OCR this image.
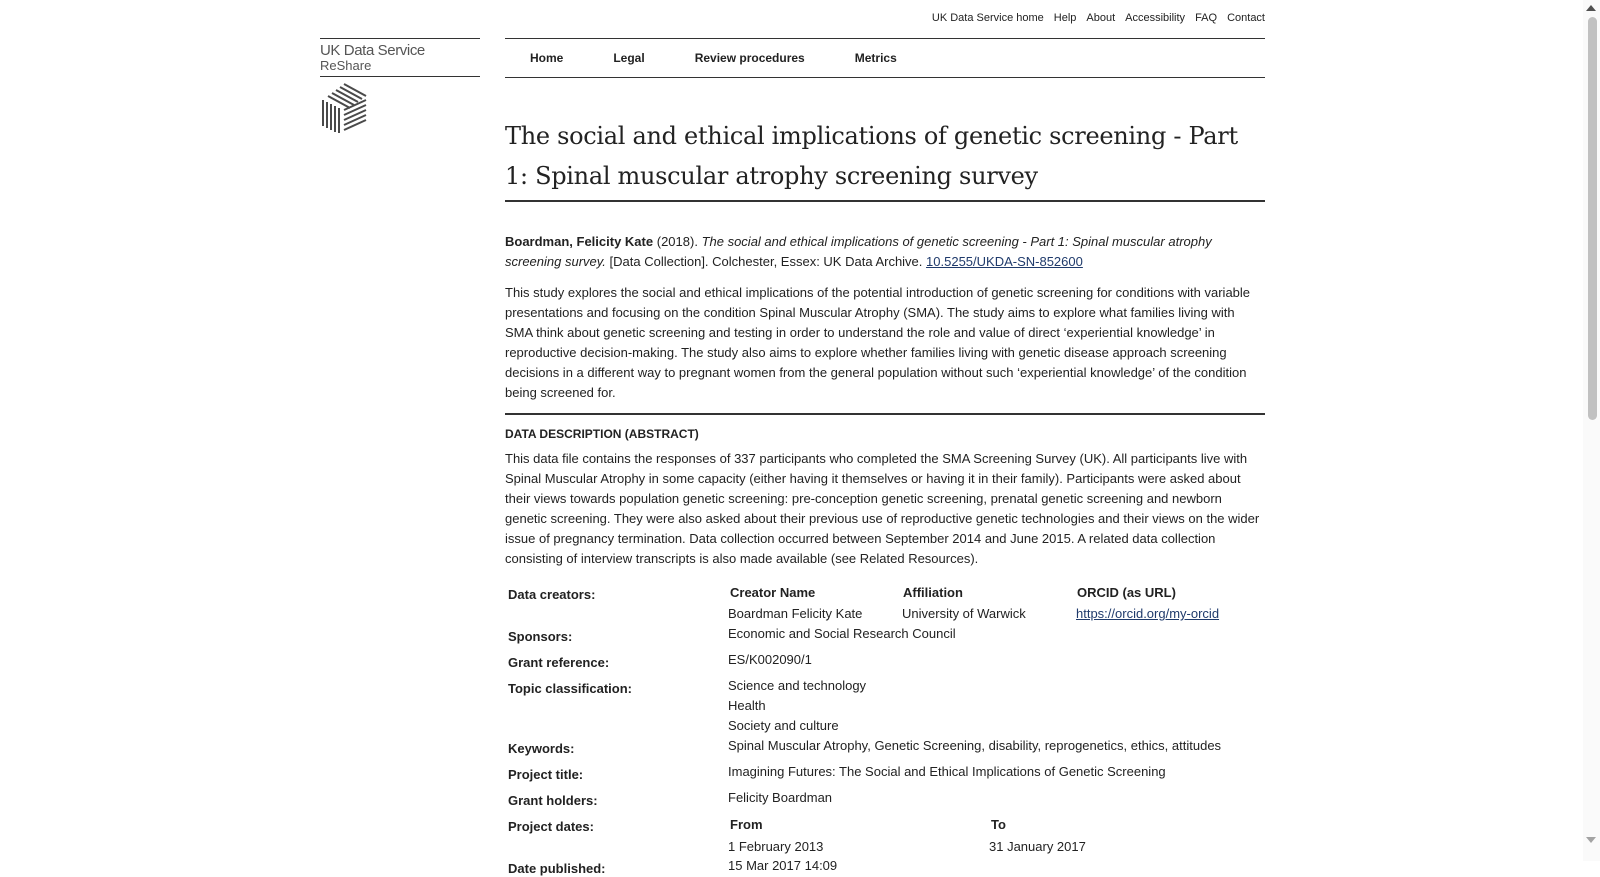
UK Data Service home Help About Accessibility FAQ Contact
UK Data Service
ReShare	Home	Legal	Review procedures	Metrics
The social and ethical implications of genetic screening - Part 1: Spinal muscular atrophy screening survey

Boardman, Felicity Kate (2018). The social and ethical implications of genetic screening - Part 1: Spinal muscular atrophy screening survey. [Data Collection]. Colchester, Essex: UK Data Archive. 10.5255/UKDA-SN-852600

This study explores the social and ethical implications of the potential introduction of genetic screening for conditions with variable presentations and focusing on the condition Spinal Muscular Atrophy (SMA). The study aims to explore what families living with SMA think about genetic screening and testing in order to understand the role and value of direct ‘experiential knowledge’ in reproductive decision-making. The study also aims to explore whether families living with genetic disease approach screening decisions in a different way to pregnant women from the general population without such ‘experiential knowledge’ of the condition being screened for.

DATA DESCRIPTION (ABSTRACT)

This data file contains the responses of 337 participants who completed the SMA Screening Survey (UK). All participants live with Spinal Muscular Atrophy in some capacity (either having it themselves or having it in their family). Participants were asked about their views towards population genetic screening: pre-conception genetic screening, prenatal genetic screening and newborn genetic screening. They were also asked about their previous use of reproductive genetic technologies and their views on the wider issue of pregnancy termination. Data collection occurred between September 2014 and June 2015. A related data collection consisting of interview transcripts is also made available (see Related Resources).

Data creators:	Creator Name	Affiliation	ORCID (as URL)
Boardman Felicity Kate	University of Warwick	https://orcid.org/my-orcid
Sponsors:	Economic and Social Research Council
Grant reference:	ES/K002090/1
Topic classification:	Science and technology
Health
Society and culture
Keywords:	Spinal Muscular Atrophy, Genetic Screening, disability, reprogenetics, ethics, attitudes
Project title:	Imagining Futures: The Social and Ethical Implications of Genetic Screening
Grant holders:	Felicity Boardman
Project dates:	From	To
1 February 2013	31 January 2017
Date published:	15 Mar 2017 14:09
